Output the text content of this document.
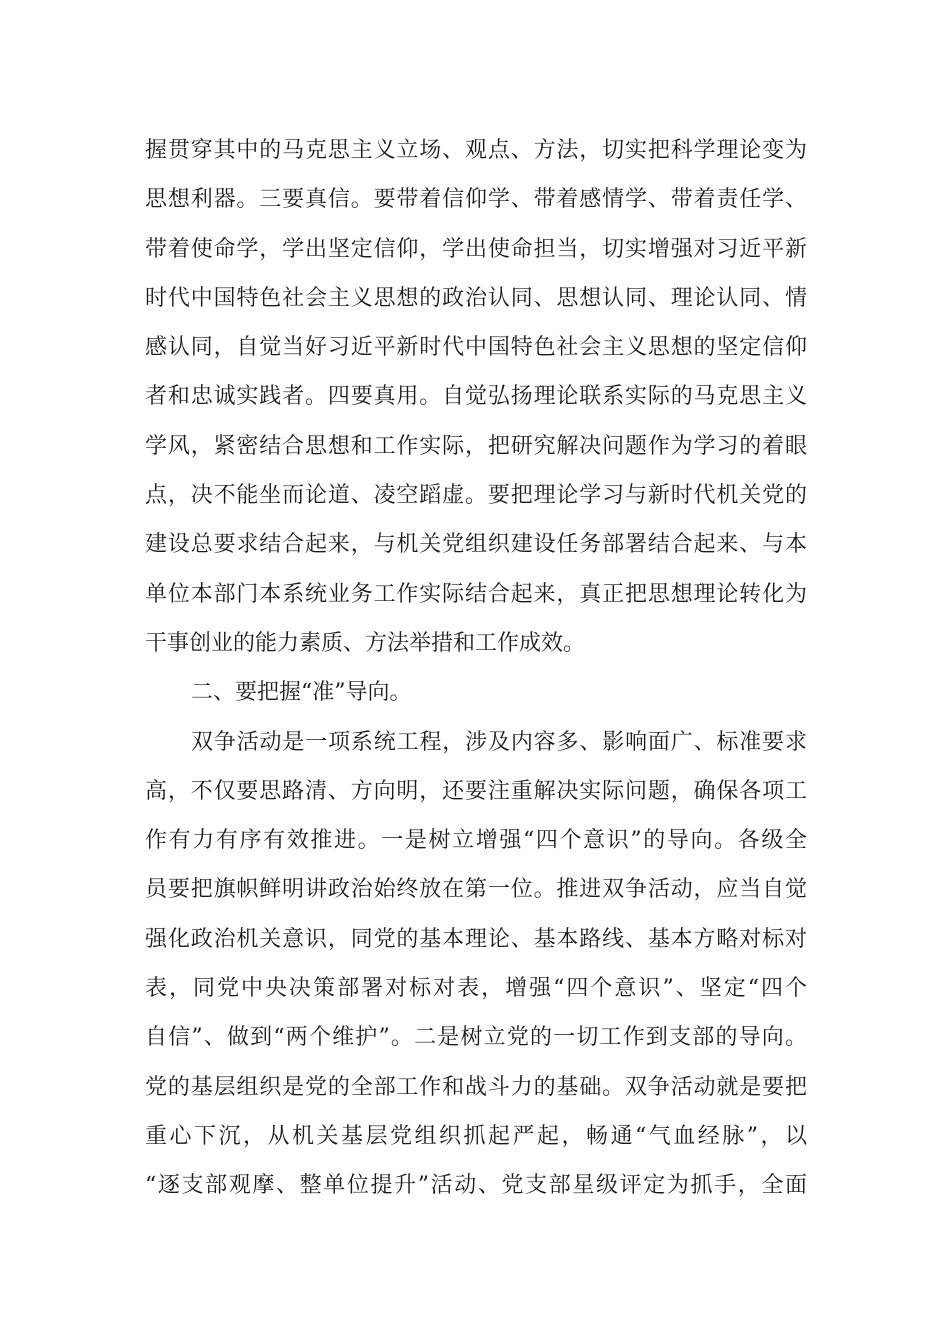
握贯穿其中的马克思主义立场、观点、方法，切实把科学理论变为
思想利器。三要真信。要带着信仰学、带着感情学、带着责任学、
带着使命学，学出坚定信仰，学出使命担当，切实增强对习近平新
时代中国特色社会主义思想的政治认同、思想认同、理论认同、情
感认同，自觉当好习近平新时代中国特色社会主义思想的坚定信仰
者和忠诚实践者。四要真用。自觉弘扬理论联系实际的马克思主义
学风，紧密结合思想和工作实际，把研究解决问题作为学习的着眼
点，决不能坐而论道、凌空蹈虚。要把理论学习与新时代机关党的
建设总要求结合起来，与机关党组织建设任务部署结合起来、与本
单位本部门本系统业务工作实际结合起来，真正把思想理论转化为
干事创业的能力素质、方法举措和工作成效。
二、要把握“准”导向。
双争活动是一项系统工程，涉及内容多、影响面广、标准要求
高，不仅要思路清、方向明，还要注重解决实际问题，确保各项工
作有力有序有效推进。一是树立增强“四个意识”的导向。各级全
员要把旗帜鲜明讲政治始终放在第一位。推进双争活动，应当自觉
强化政治机关意识，同党的基本理论、基本路线、基本方略对标对
表，同党中央决策部署对标对表，增强“四个意识”、坚定“四个
自信”、做到“两个维护”。二是树立党的一切工作到支部的导向。
党的基层组织是党的全部工作和战斗力的基础。双争活动就是要把
重心下沉，从机关基层党组织抓起严起，畅通“气血经脉”，以
“逐支部观摩、整单位提升”活动、党支部星级评定为抓手，全面
